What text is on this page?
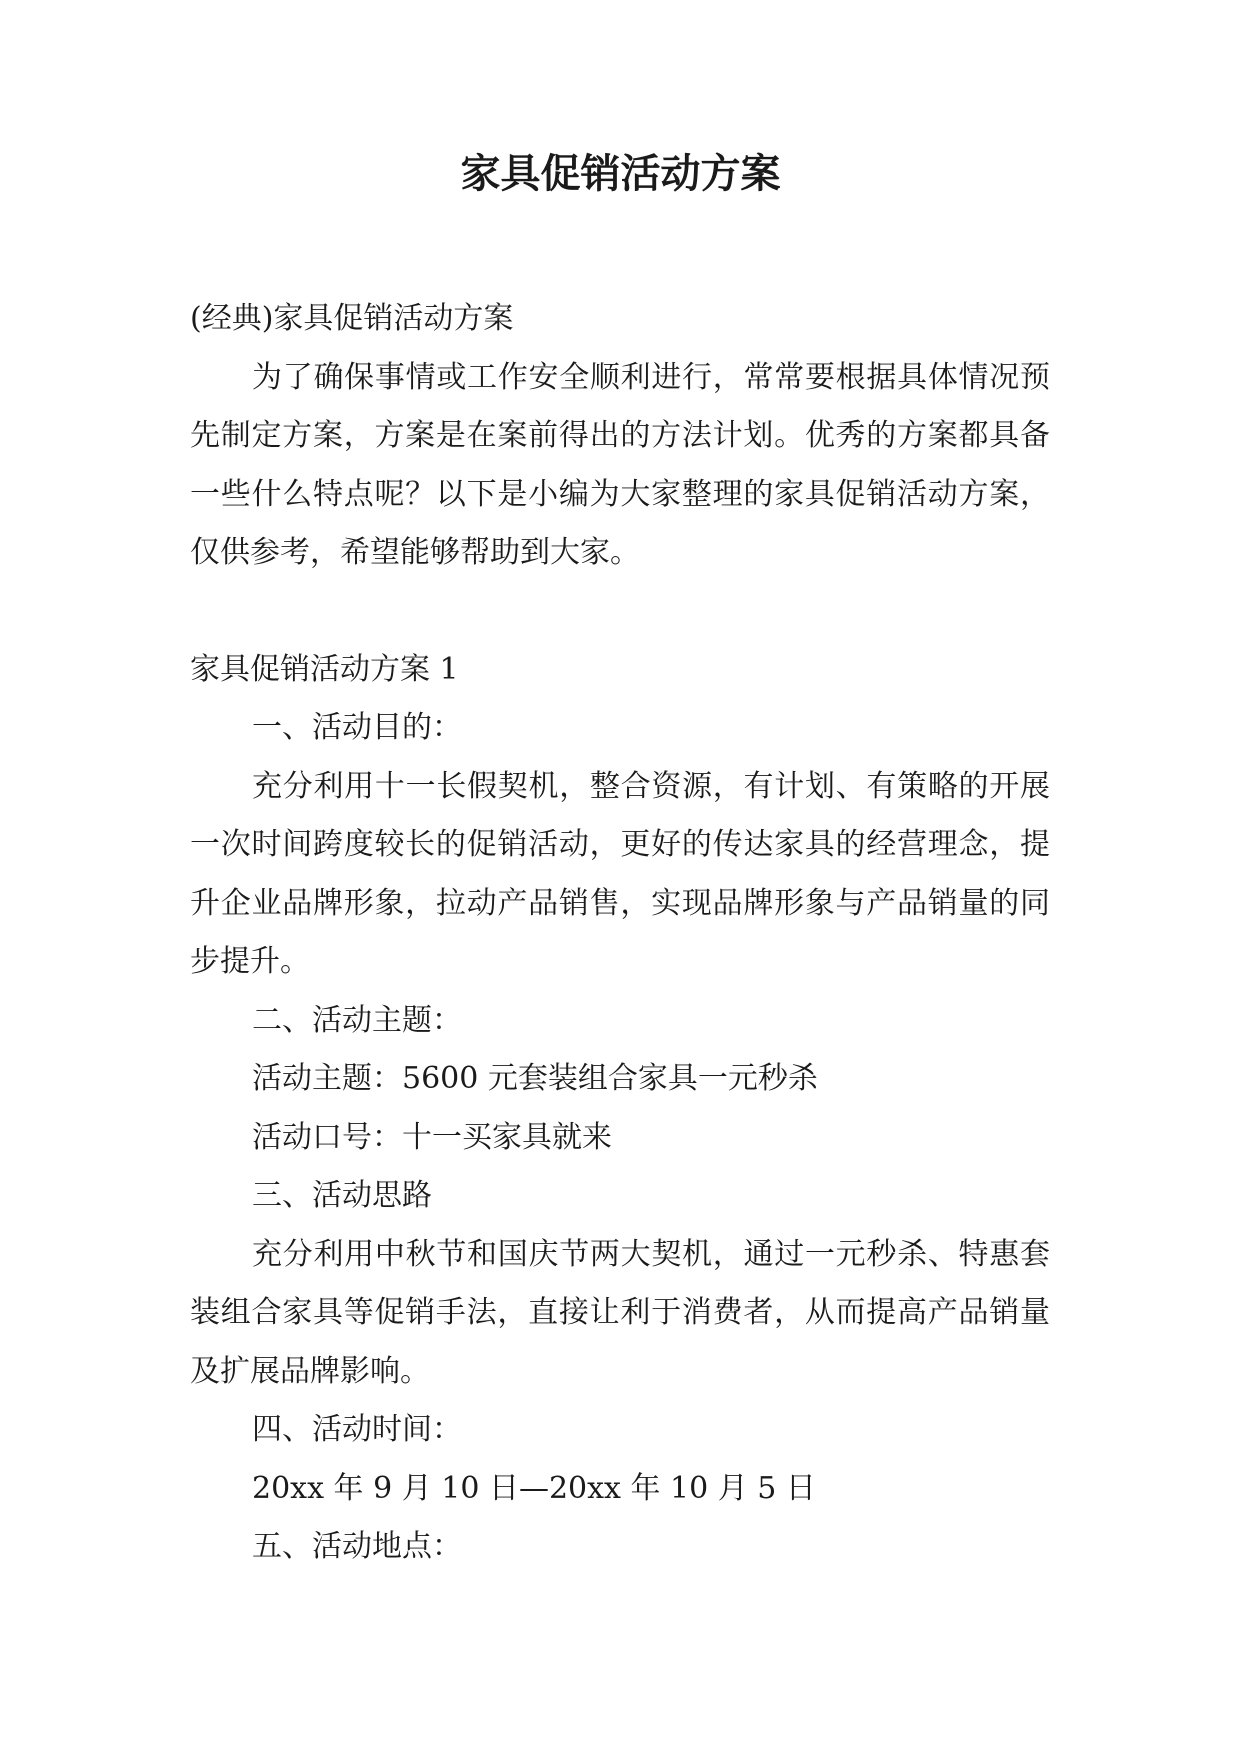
家具促销活动方案

(经典)家具促销活动方案

为了确保事情或工作安全顺利进行，常常要根据具体情况预先制定方案，方案是在案前得出的方法计划。优秀的方案都具备一些什么特点呢？以下是小编为大家整理的家具促销活动方案，仅供参考，希望能够帮助到大家。

家具促销活动方案 1

一、活动目的：

充分利用十一长假契机，整合资源，有计划、有策略的开展一次时间跨度较长的促销活动，更好的传达家具的经营理念，提升企业品牌形象，拉动产品销售，实现品牌形象与产品销量的同步提升。

二、活动主题：

活动主题：5600 元套装组合家具一元秒杀

活动口号：十一买家具就来

三、活动思路

充分利用中秋节和国庆节两大契机，通过一元秒杀、特惠套装组合家具等促销手法，直接让利于消费者，从而提高产品销量及扩展品牌影响。

四、活动时间：

20xx 年 9 月 10 日—20xx 年 10 月 5 日

五、活动地点：
